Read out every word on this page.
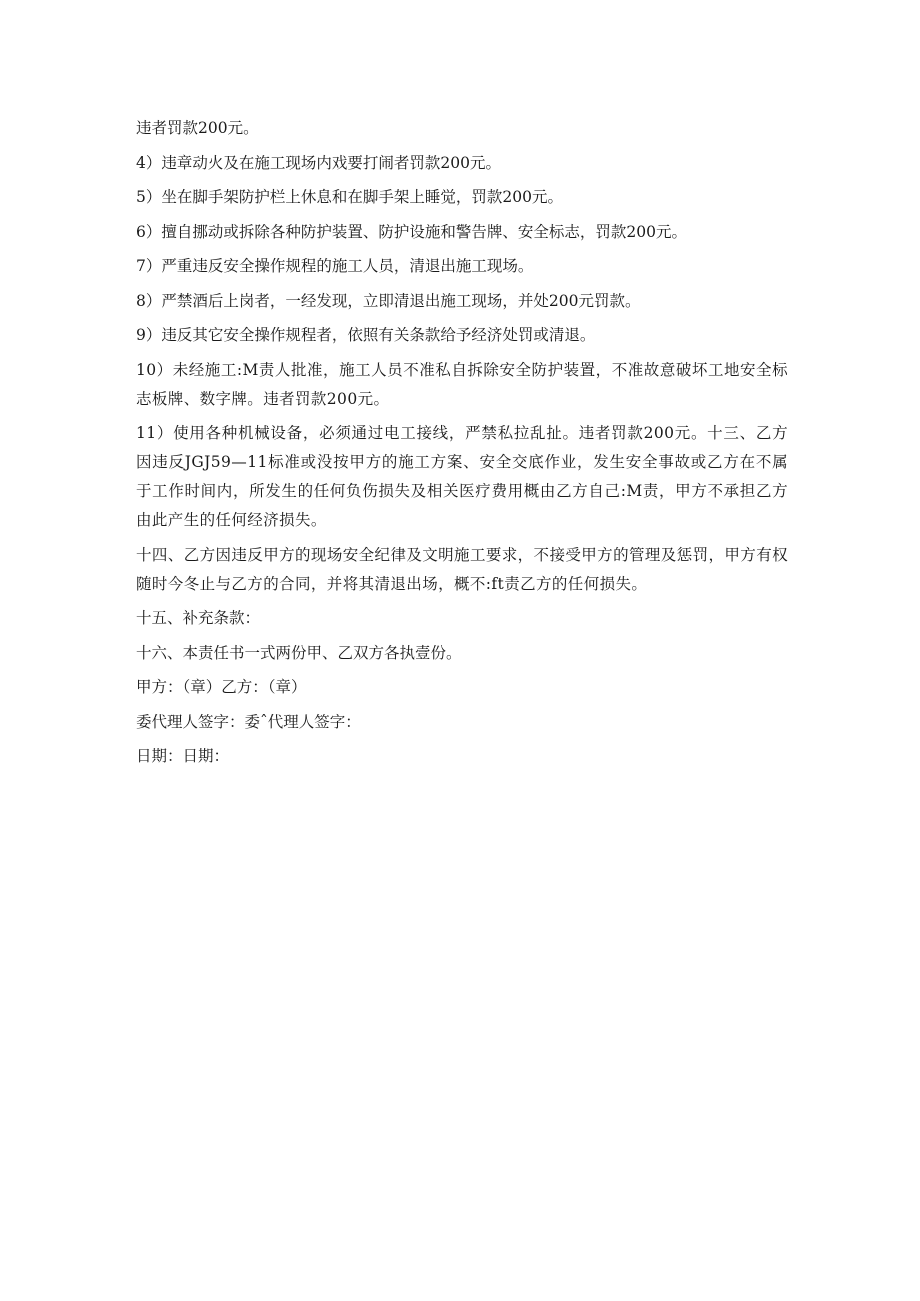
违者罚款200元。
4）违章动火及在施工现场内戏要打闹者罚款200元。
5）坐在脚手架防护栏上休息和在脚手架上睡觉，罚款200元。
6）擅自挪动或拆除各种防护装置、防护设施和警告牌、安全标志，罚款200元。
7）严重违反安全操作规程的施工人员，清退出施工现场。
8）严禁酒后上岗者，一经发现，立即清退出施工现场，并处200元罚款。
9）违反其它安全操作规程者，依照有关条款给予经济处罚或清退。
10）未经施工:M责人批准，施工人员不准私自拆除安全防护装置，不准故意破坏工地安全标志板牌、数字牌。违者罚款200元。
11）使用各种机械设备，必须通过电工接线，严禁私拉乱扯。违者罚款200元。十三、乙方因违反JGJ59—11标准或没按甲方的施工方案、安全交底作业，发生安全事故或乙方在不属于工作时间内，所发生的任何负伤损失及相关医疗费用概由乙方自己:M责，甲方不承担乙方由此产生的任何经济损失。
十四、乙方因违反甲方的现场安全纪律及文明施工要求，不接受甲方的管理及惩罚，甲方有权随时今冬止与乙方的合同，并将其清退出场，概不:ft责乙方的任何损失。
十五、补充条款：
十六、本责任书一式两份甲、乙双方各执壹份。
甲方：（章）乙方：（章）
委代理人签字：委ˆ代理人签字：
日期：日期：
